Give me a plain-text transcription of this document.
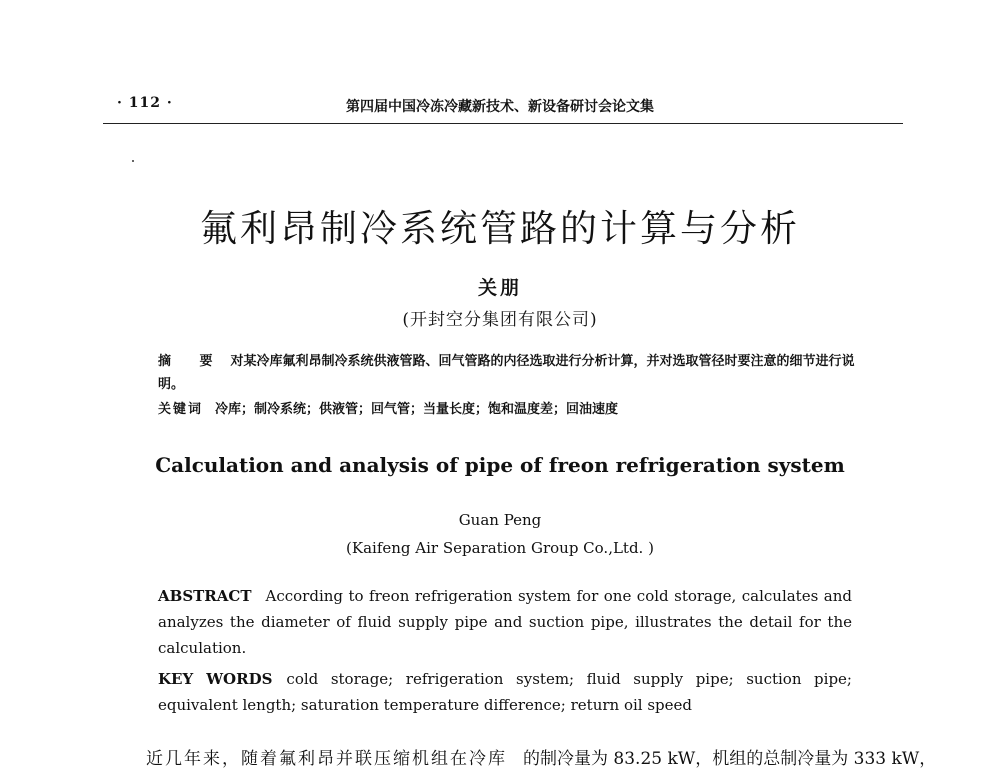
· 112 ·	第四届中国冷冻冷藏新技术、新设备研讨会论文集
氟利昂制冷系统管路的计算与分析
关朋
(开封空分集团有限公司)
摘 要 对某冷库氟利昂制冷系统供液管路、回气管路的内径选取进行分析计算，并对选取管径时要注意的细节进行说明。
关键词 冷库；制冷系统；供液管；回气管；当量长度；饱和温度差；回油速度
Calculation and analysis of pipe of freon refrigeration system
Guan Peng
(Kaifeng Air Separation Group Co.,Ltd. )
ABSTRACT According to freon refrigeration system for one cold storage, calculates and analyzes the diameter of fluid supply pipe and suction pipe, illustrates the detail for the calculation.
KEY WORDS cold storage; refrigeration system; fluid supply pipe; suction pipe; equivalent length; saturation temperature difference; return oil speed
近几年来，随着氟利昂并联压缩机组在冷库 的制冷量为 83.25 kW，机组的总制冷量为 333 kW，
